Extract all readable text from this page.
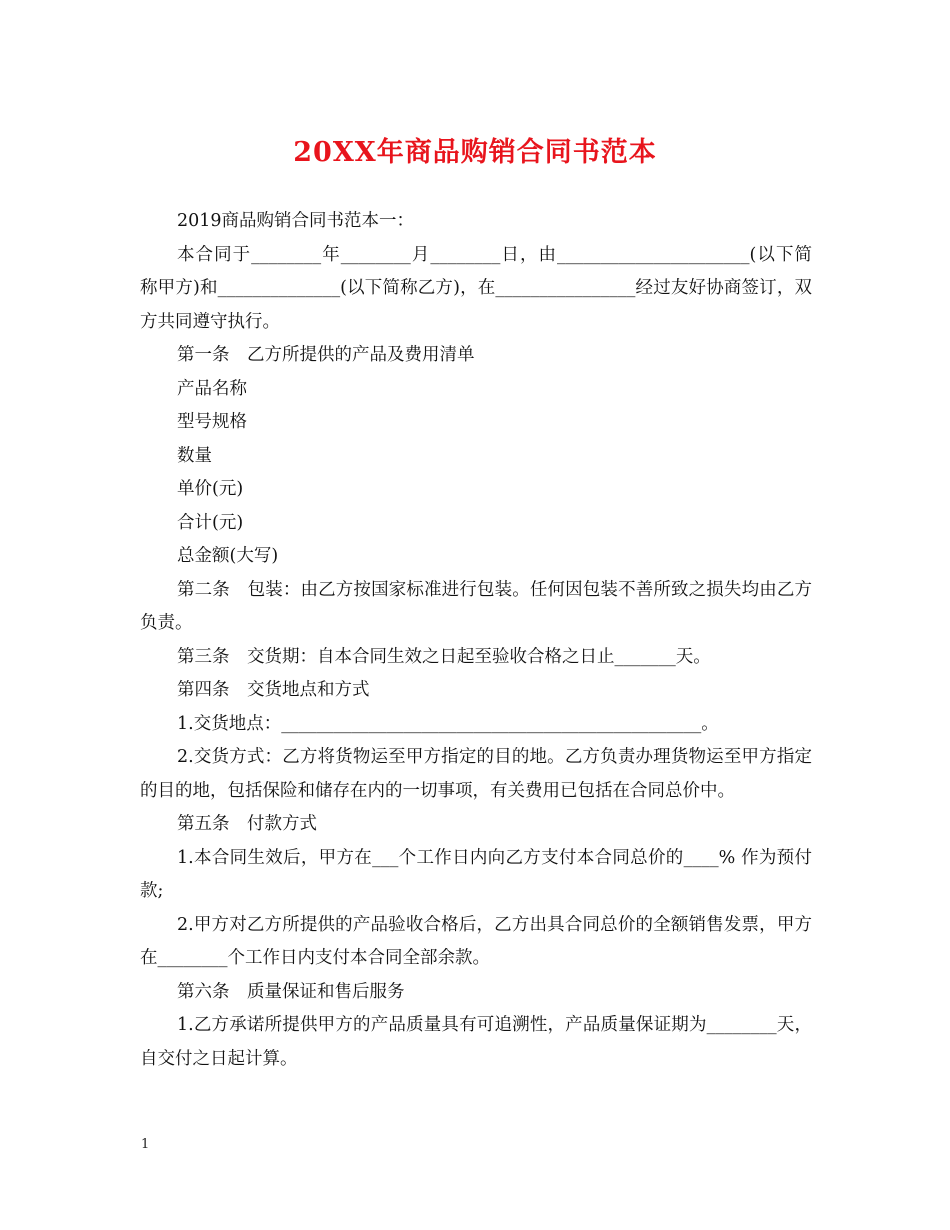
20XX年商品购销合同书范本

2019商品购销合同书范本一：

本合同于________年________月________日，由______________________(以下简称甲方)和______________(以下简称乙方)，在________________经过友好协商签订，双方共同遵守执行。

第一条　乙方所提供的产品及费用清单

产品名称

型号规格

数量

单价(元)

合计(元)

总金额(大写)

第二条　包装：由乙方按国家标准进行包装。任何因包装不善所致之损失均由乙方负责。

第三条　交货期：自本合同生效之日起至验收合格之日止_______天。

第四条　交货地点和方式

1.交货地点：________________________________________________。

2.交货方式：乙方将货物运至甲方指定的目的地。乙方负责办理货物运至甲方指定的目的地，包括保险和储存在内的一切事项，有关费用已包括在合同总价中。

第五条　付款方式

1.本合同生效后，甲方在___个工作日内向乙方支付本合同总价的____% 作为预付款;

2.甲方对乙方所提供的产品验收合格后，乙方出具合同总价的全额销售发票，甲方在________个工作日内支付本合同全部余款。

第六条　质量保证和售后服务

1.乙方承诺所提供甲方的产品质量具有可追溯性，产品质量保证期为________天，自交付之日起计算。

1
